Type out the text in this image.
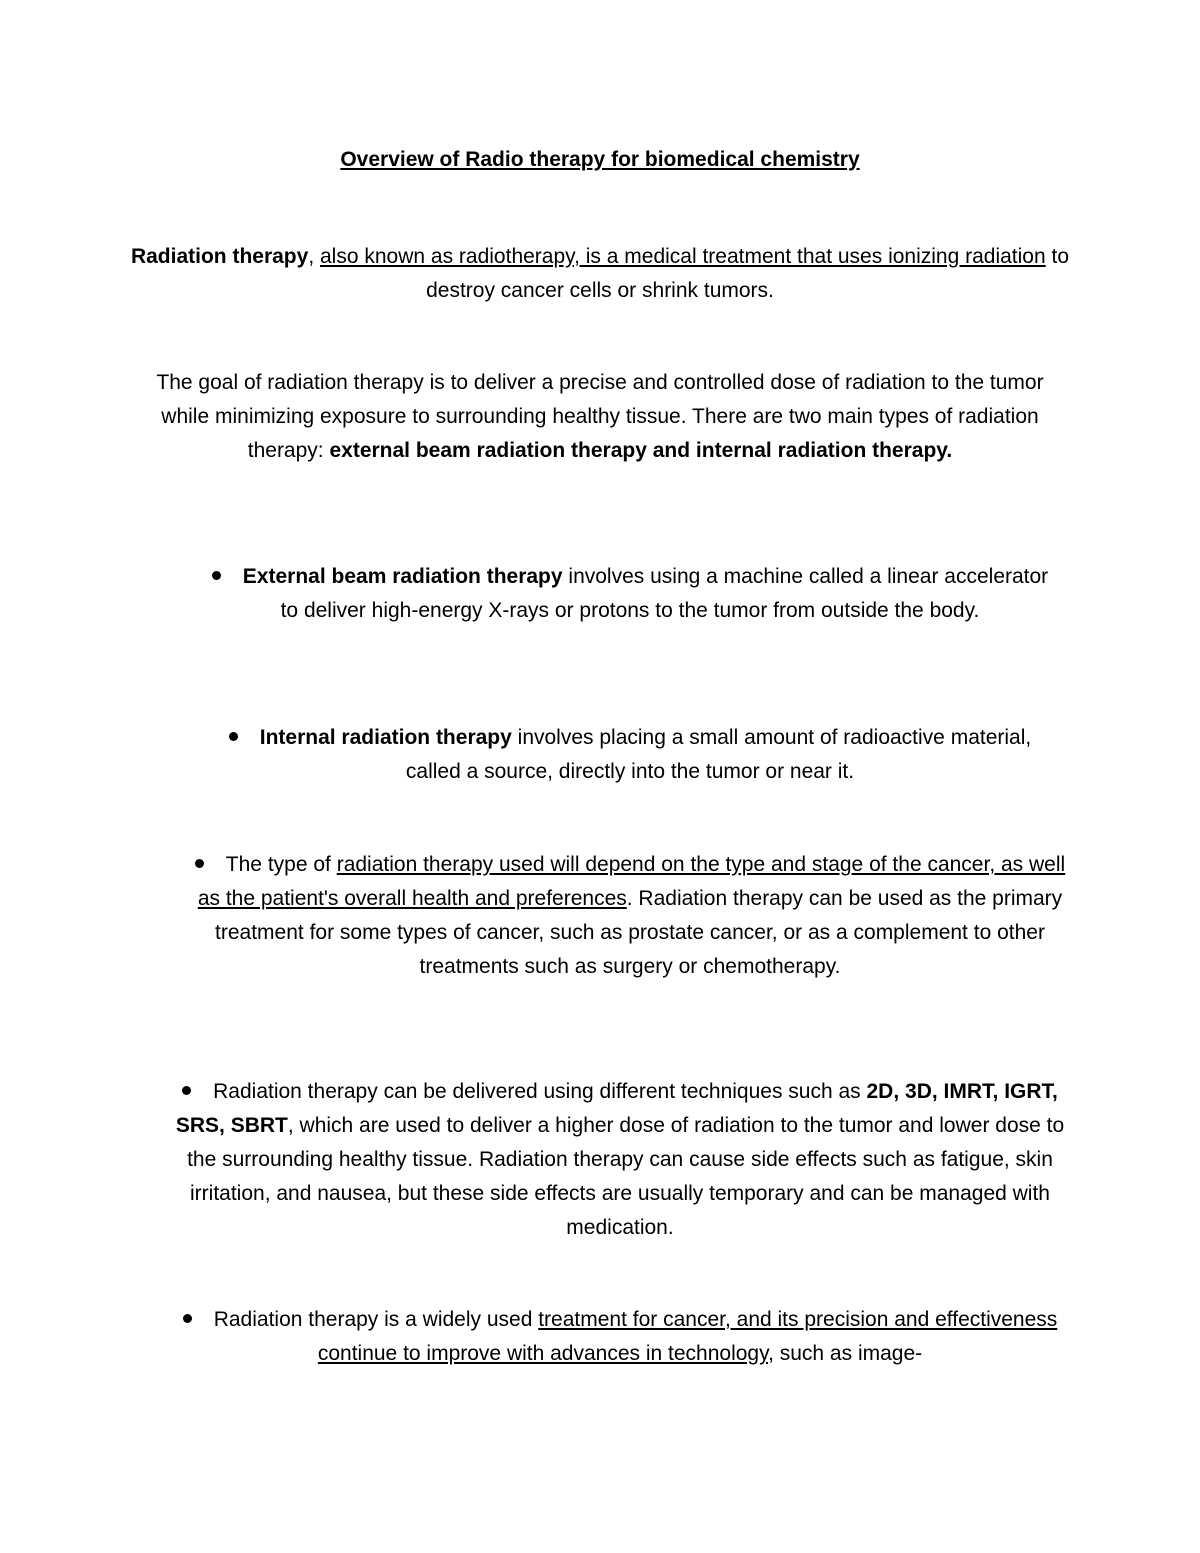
Overview of Radio therapy for biomedical chemistry

Radiation therapy, also known as radiotherapy, is a medical treatment that uses ionizing radiation to destroy cancer cells or shrink tumors.

The goal of radiation therapy is to deliver a precise and controlled dose of radiation to the tumor while minimizing exposure to surrounding healthy tissue. There are two main types of radiation therapy: external beam radiation therapy and internal radiation therapy.

External beam radiation therapy involves using a machine called a linear accelerator to deliver high-energy X-rays or protons to the tumor from outside the body.

Internal radiation therapy involves placing a small amount of radioactive material, called a source, directly into the tumor or near it.

The type of radiation therapy used will depend on the type and stage of the cancer, as well as the patient's overall health and preferences. Radiation therapy can be used as the primary treatment for some types of cancer, such as prostate cancer, or as a complement to other treatments such as surgery or chemotherapy.

Radiation therapy can be delivered using different techniques such as 2D, 3D, IMRT, IGRT, SRS, SBRT, which are used to deliver a higher dose of radiation to the tumor and lower dose to the surrounding healthy tissue. Radiation therapy can cause side effects such as fatigue, skin irritation, and nausea, but these side effects are usually temporary and can be managed with medication.

Radiation therapy is a widely used treatment for cancer, and its precision and effectiveness continue to improve with advances in technology, such as image-
